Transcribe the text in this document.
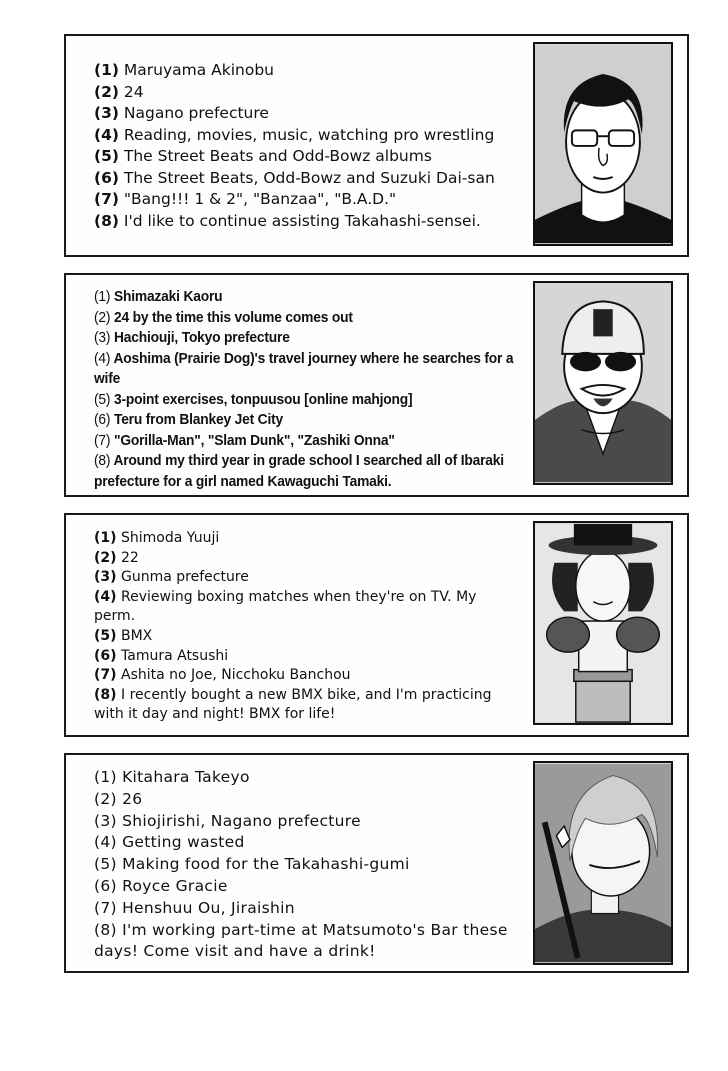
(1) Maruyama Akinobu

(2) 24

(3) Nagano prefecture

(4) Reading, movies, music, watching pro wrestling

(5) The Street Beats and Odd-Bowz albums

(6) The Street Beats, Odd-Bowz and Suzuki Dai-san

(7) "Bang!!! 1 & 2", "Banzaa", "B.A.D."

(8) I'd like to continue assisting Takahashi-sensei.

(1) Shimazaki Kaoru

(2) 24 by the time this volume comes out

(3) Hachiouji, Tokyo prefecture

(4) Aoshima (Prairie Dog)'s travel journey where he searches for a wife

(5) 3-point exercises, tonpuusou [online mahjong]

(6) Teru from Blankey Jet City

(7) "Gorilla-Man", "Slam Dunk", "Zashiki Onna"

(8) Around my third year in grade school I searched all of Ibaraki prefecture for a girl named Kawaguchi Tamaki.

(1) Shimoda Yuuji

(2) 22

(3) Gunma prefecture

(4) Reviewing boxing matches when they're on TV. My perm.

(5) BMX

(6) Tamura Atsushi

(7) Ashita no Joe, Nicchoku Banchou

(8) I recently bought a new BMX bike, and I'm practicing with it day and night! BMX for life!

(1) Kitahara Takeyo

(2) 26

(3) Shiojirishi, Nagano prefecture

(4) Getting wasted

(5) Making food for the Takahashi-gumi

(6) Royce Gracie

(7) Henshuu Ou, Jiraishin

(8) I'm working part-time at Matsumoto's Bar these days! Come visit and have a drink!
